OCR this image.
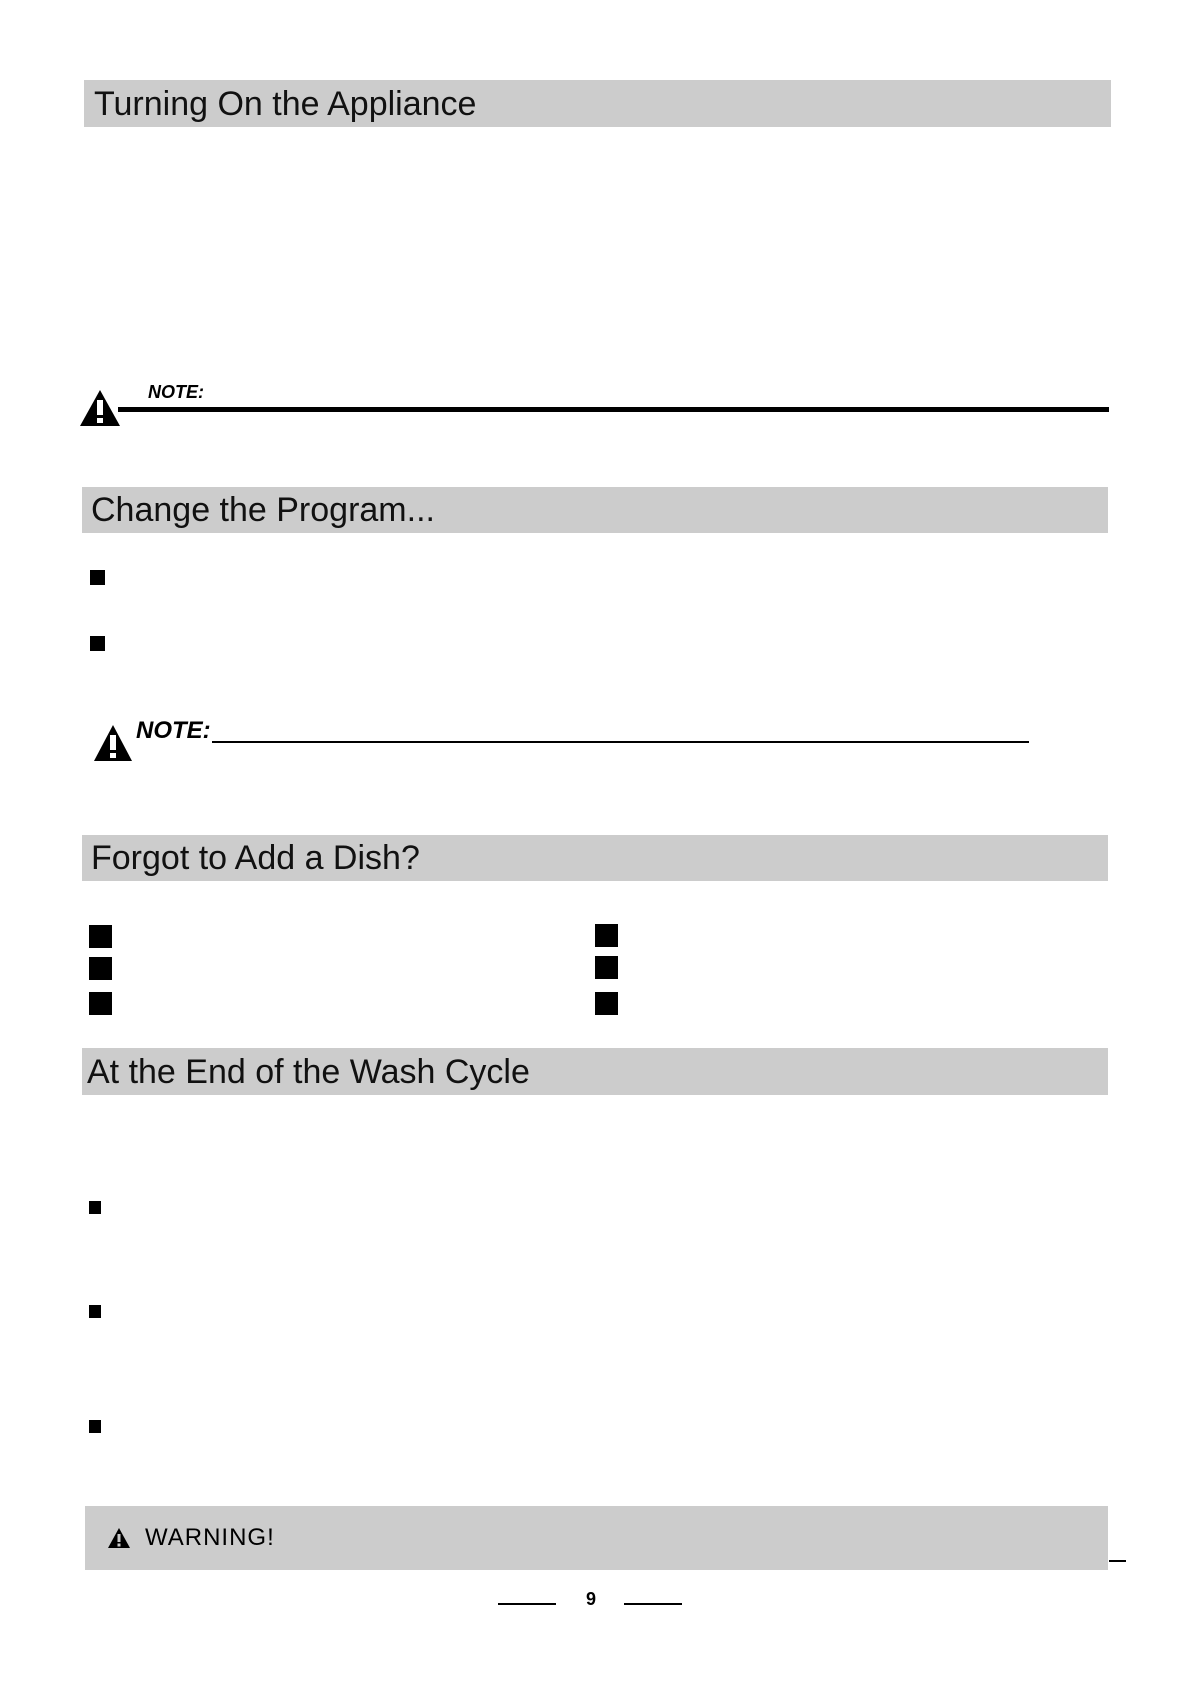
Turning On the Appliance
NOTE:
Change the Program...
NOTE:
Forgot to Add a Dish?
At the End of the Wash Cycle
WARNING!
9
